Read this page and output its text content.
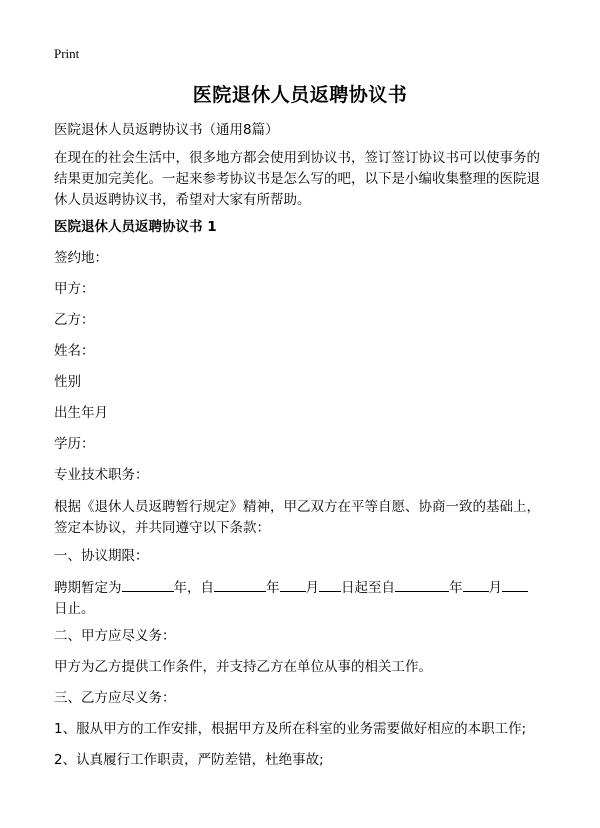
Print
医院退休人员返聘协议书
医院退休人员返聘协议书（通用8篇）
在现在的社会生活中，很多地方都会使用到协议书，签订签订协议书可以使事务的
结果更加完美化。一起来参考协议书是怎么写的吧，以下是小编收集整理的医院退
休人员返聘协议书，希望对大家有所帮助。
医院退休人员返聘协议书 1
签约地：
甲方：
乙方：
姓名：
性别
出生年月
学历：
专业技术职务：
根据《退休人员返聘暂行规定》精神，甲乙双方在平等自愿、协商一致的基础上，
签定本协议，并共同遵守以下条款：
一、协议期限：
聘期暂定为	年，自	年 月 日起至自	年 月
日止。
二、甲方应尽义务：
甲方为乙方提供工作条件，并支持乙方在单位从事的相关工作。
三、乙方应尽义务：
1、服从甲方的工作安排，根据甲方及所在科室的业务需要做好相应的本职工作;
2、认真履行工作职责，严防差错，杜绝事故;
